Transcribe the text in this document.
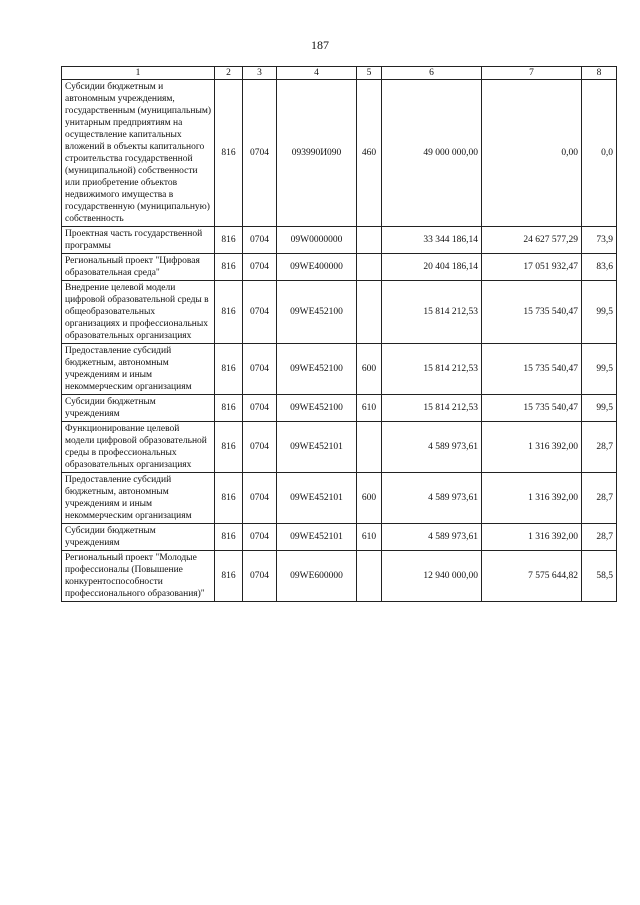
187
1	2	3	4	5	6	7	8
Субсидии бюджетным и автономным учреждениям, государственным (муниципальным) унитарным предприятиям на осуществление капитальных вложений в объекты капитального строительства государственной (муниципальной) собственности или приобретение объектов недвижимого имущества в государственную (муниципальную) собственность	816	0704	093990И090	460	49 000 000,00	0,00	0,0
Проектная часть государственной программы	816	0704	09W0000000		33 344 186,14	24 627 577,29	73,9
Региональный проект "Цифровая образовательная среда"	816	0704	09WE400000		20 404 186,14	17 051 932,47	83,6
Внедрение целевой модели цифровой образовательной среды в общеобразовательных организациях и профессиональных образовательных организациях	816	0704	09WE452100		15 814 212,53	15 735 540,47	99,5
Предоставление субсидий бюджетным, автономным учреждениям и иным некоммерческим организациям	816	0704	09WE452100	600	15 814 212,53	15 735 540,47	99,5
Субсидии бюджетным учреждениям	816	0704	09WE452100	610	15 814 212,53	15 735 540,47	99,5
Функционирование целевой модели цифровой образовательной среды в профессиональных образовательных организациях	816	0704	09WE452101		4 589 973,61	1 316 392,00	28,7
Предоставление субсидий бюджетным, автономным учреждениям и иным некоммерческим организациям	816	0704	09WE452101	600	4 589 973,61	1 316 392,00	28,7
Субсидии бюджетным учреждениям	816	0704	09WE452101	610	4 589 973,61	1 316 392,00	28,7
Региональный проект "Молодые профессионалы (Повышение конкурентоспособности профессионального образования)"	816	0704	09WE600000		12 940 000,00	7 575 644,82	58,5
